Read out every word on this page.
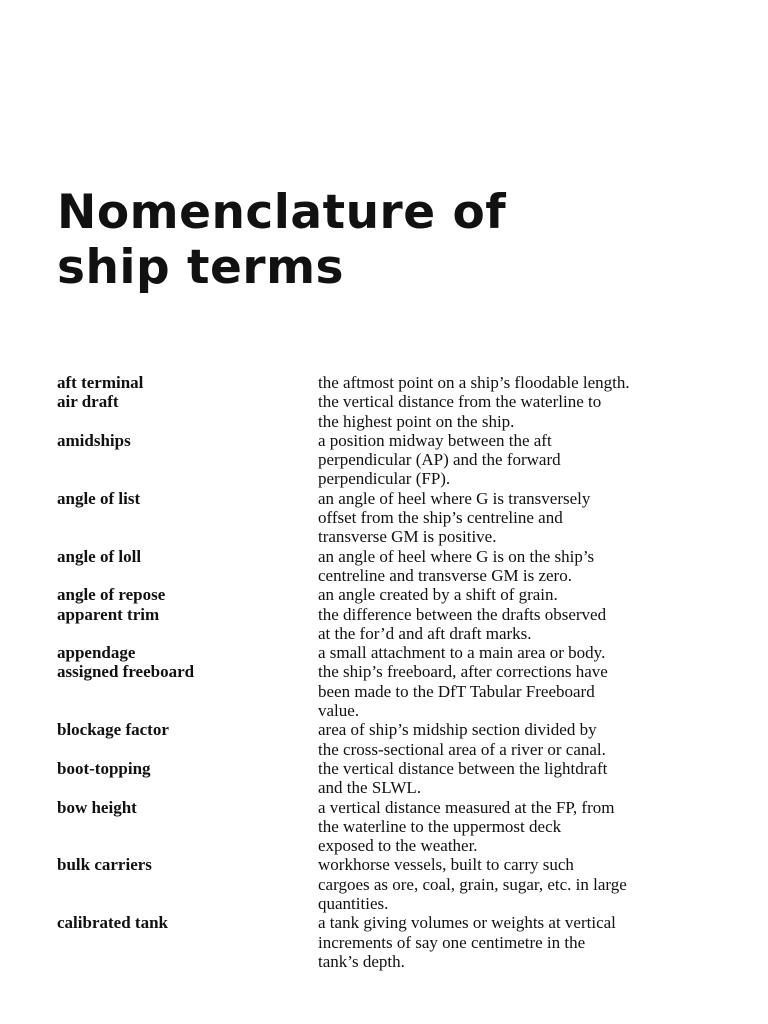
Nomenclature of
ship terms
aft terminal	the aftmost point on a ship’s floodable length.
air draft	the vertical distance from the waterline to
the highest point on the ship.
amidships	a position midway between the aft
perpendicular (AP) and the forward
perpendicular (FP).
angle of list	an angle of heel where G is transversely
offset from the ship’s centreline and
transverse GM is positive.
angle of loll	an angle of heel where G is on the ship’s
centreline and transverse GM is zero.
angle of repose	an angle created by a shift of grain.
apparent trim	the difference between the drafts observed
at the for’d and aft draft marks.
appendage	a small attachment to a main area or body.
assigned freeboard	the ship’s freeboard, after corrections have
been made to the DfT Tabular Freeboard
value.
blockage factor	area of ship’s midship section divided by
the cross-sectional area of a river or canal.
boot-topping	the vertical distance between the lightdraft
and the SLWL.
bow height	a vertical distance measured at the FP, from
the waterline to the uppermost deck
exposed to the weather.
bulk carriers	workhorse vessels, built to carry such
cargoes as ore, coal, grain, sugar, etc. in large
quantities.
calibrated tank	a tank giving volumes or weights at vertical
increments of say one centimetre in the
tank’s depth.
